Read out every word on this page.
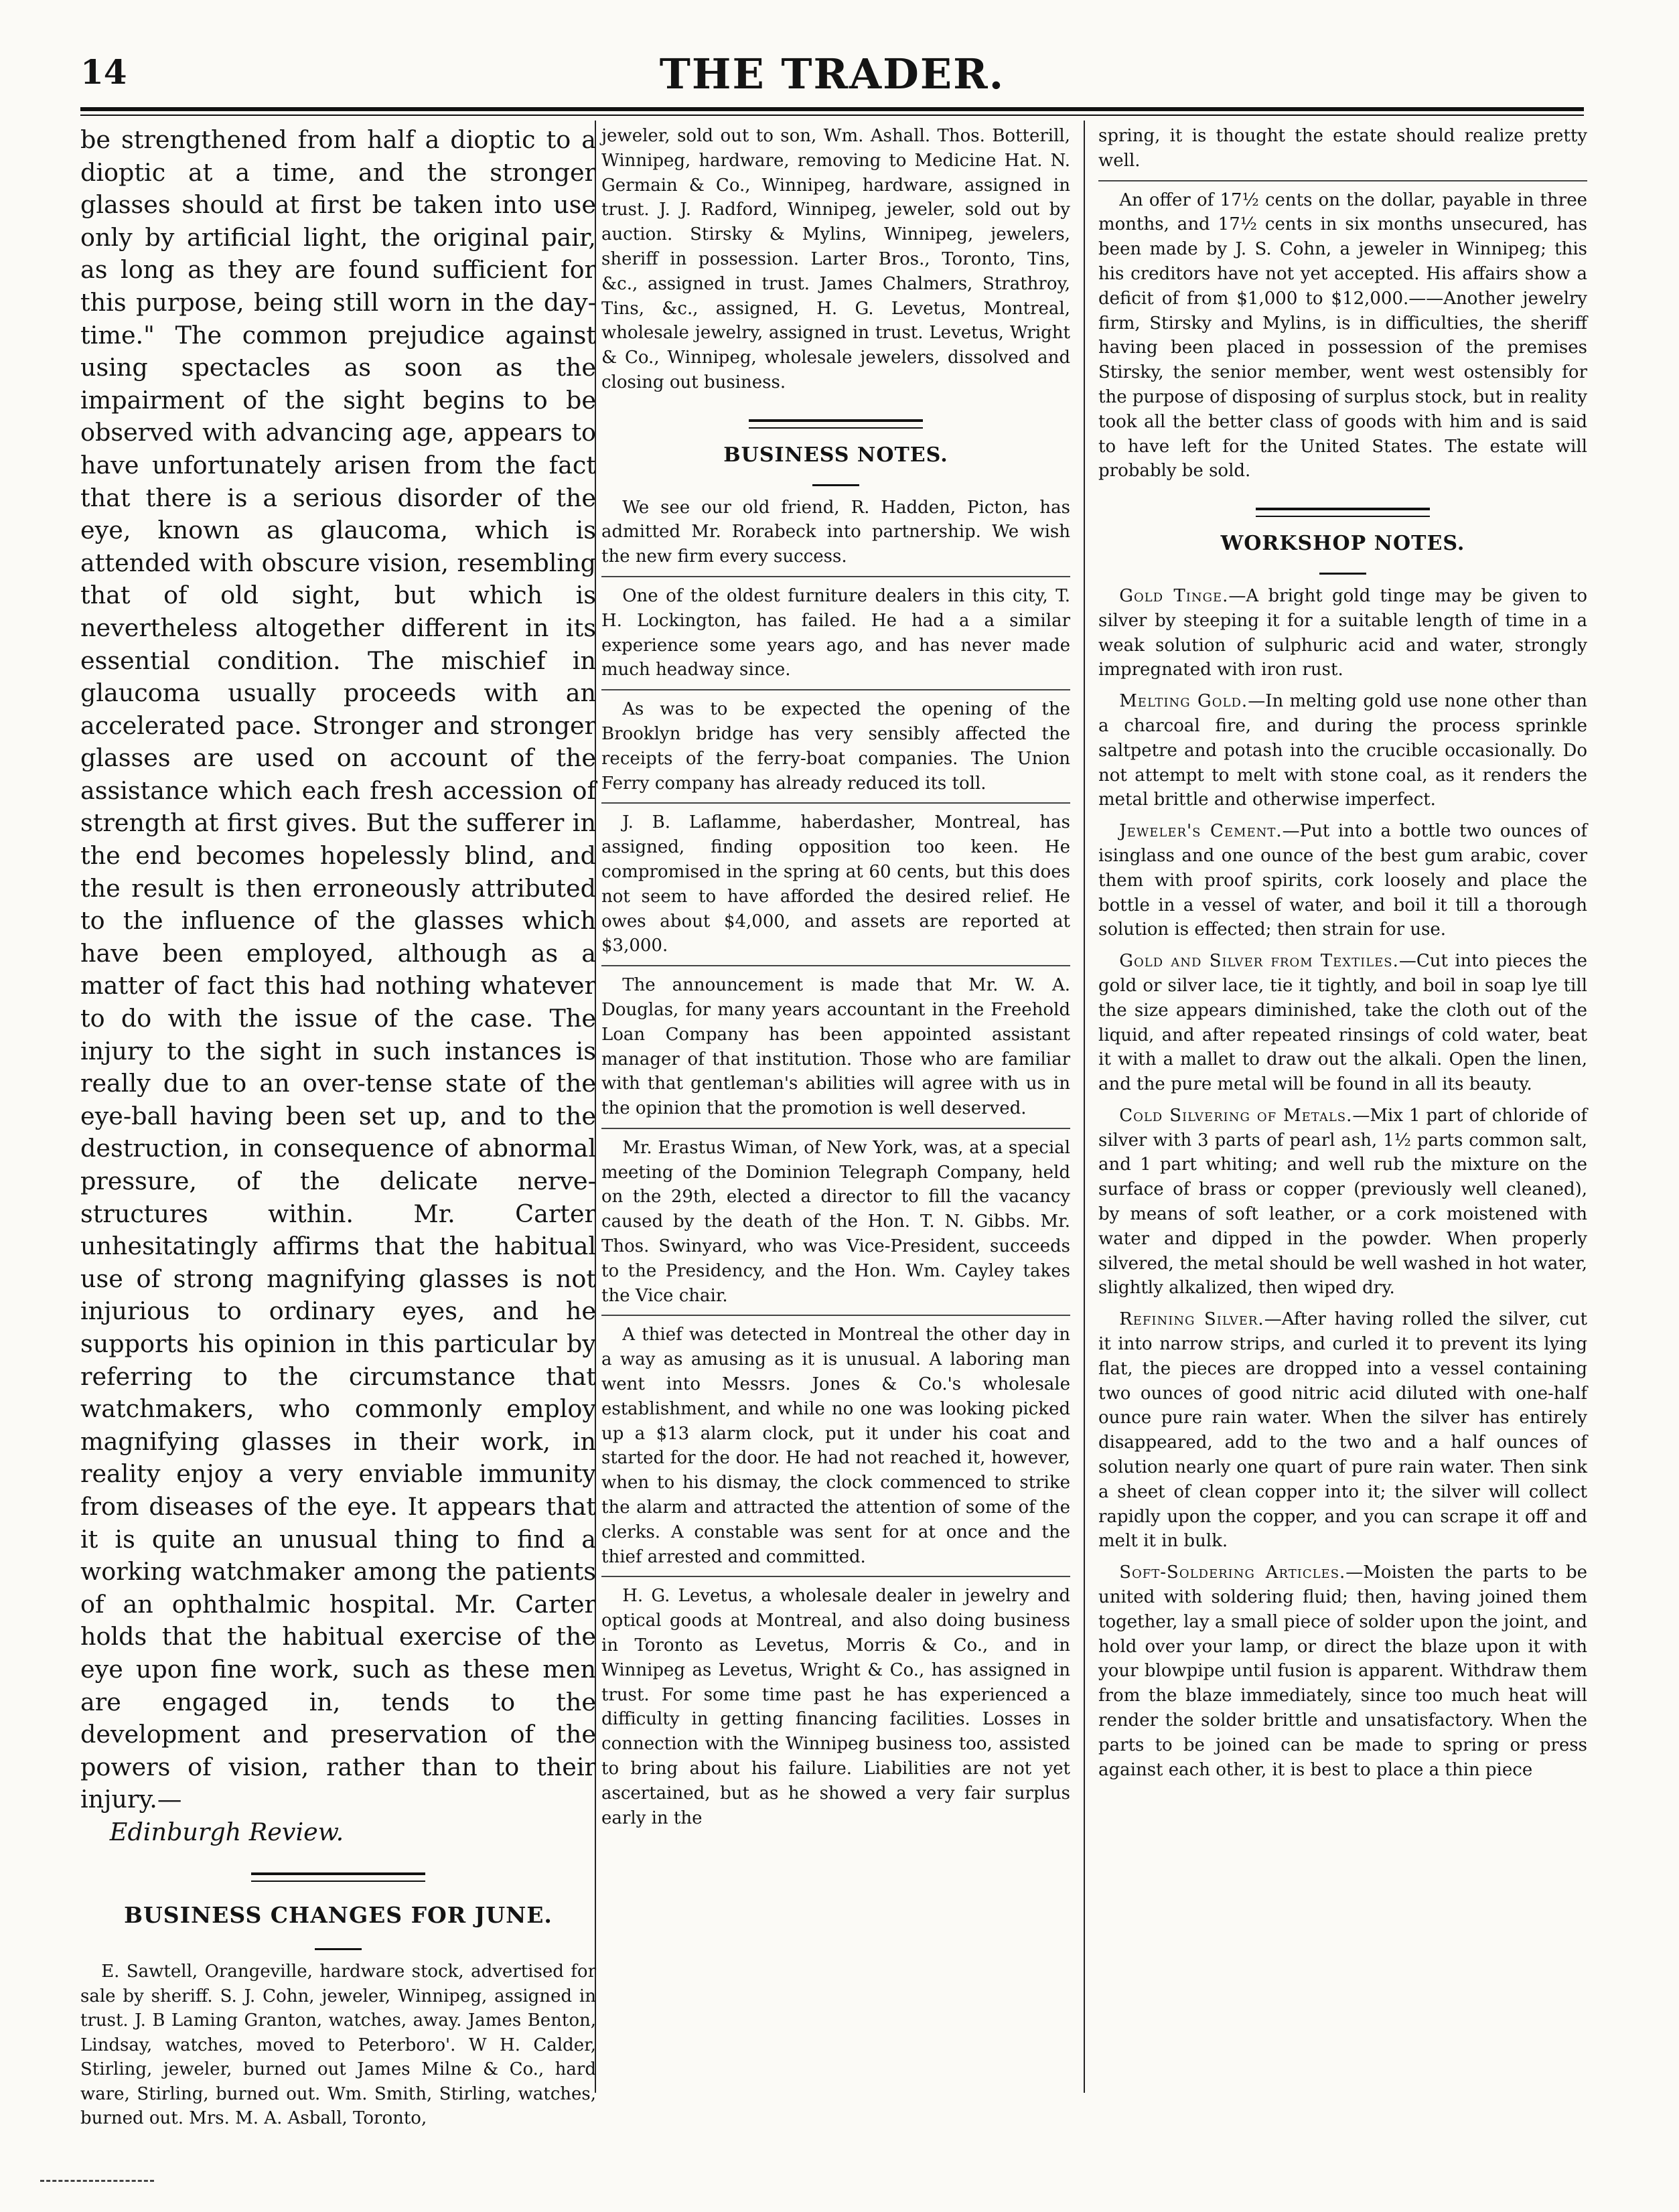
14	THE TRADER.

be strengthened from half a dioptic to a dioptic at a time, and the stronger glasses should at first be taken into use only by artificial light, the original pair, as long as they are found sufficient for this purpose, being still worn in the day-time." The common prejudice against using spectacles as soon as the impairment of the sight begins to be observed with advancing age, appears to have unfortunately arisen from the fact that there is a serious disorder of the eye, known as glaucoma, which is attended with obscure vision, resembling that of old sight, but which is nevertheless altogether different in its essential condition. The mischief in glaucoma usually proceeds with an accelerated pace. Stronger and stronger glasses are used on account of the assistance which each fresh accession of strength at first gives. But the sufferer in the end becomes hopelessly blind, and the result is then erroneously attributed to the influence of the glasses which have been employed, although as a matter of fact this had nothing whatever to do with the issue of the case. The injury to the sight in such instances is really due to an over-tense state of the eye-ball having been set up, and to the destruction, in consequence of abnormal pressure, of the delicate nerve-structures within. Mr. Carter unhesitatingly affirms that the habitual use of strong magnifying glasses is not injurious to ordinary eyes, and he supports his opinion in this particular by referring to the circumstance that watchmakers, who commonly employ magnifying glasses in their work, in reality enjoy a very enviable immunity from diseases of the eye. It appears that it is quite an unusual thing to find a working watchmaker among the patients of an ophthalmic hospital. Mr. Carter holds that the habitual exercise of the eye upon fine work, such as these men are engaged in, tends to the development and preservation of the powers of vision, rather than to their injury.—

Edinburgh Review.

BUSINESS CHANGES FOR JUNE.

E. Sawtell, Orangeville, hardware stock, advertised for sale by sheriff. S. J. Cohn, jeweler, Winnipeg, assigned in trust. J. B Laming Granton, watches, away. James Benton, Lindsay, watches, moved to Peterboro'. W H. Calder, Stirling, jeweler, burned out James Milne & Co., hard ware, Stirling, burned out. Wm. Smith, Stirling, watches, burned out. Mrs. M. A. Asball, Toronto,

jeweler, sold out to son, Wm. Ashall. Thos. Botterill, Winnipeg, hardware, removing to Medicine Hat. N. Germain & Co., Winnipeg, hardware, assigned in trust. J. J. Radford, Winnipeg, jeweler, sold out by auction. Stirsky & Mylins, Winnipeg, jewelers, sheriff in possession. Larter Bros., Toronto, Tins, &c., assigned in trust. James Chalmers, Strathroy, Tins, &c., assigned, H. G. Levetus, Montreal, wholesale jewelry, assigned in trust. Levetus, Wright & Co., Winnipeg, wholesale jewelers, dissolved and closing out business.

BUSINESS NOTES.

We see our old friend, R. Hadden, Picton, has admitted Mr. Rorabeck into partnership. We wish the new firm every success.

One of the oldest furniture dealers in this city, T. H. Lockington, has failed. He had a a similar experience some years ago, and has never made much headway since.

As was to be expected the opening of the Brooklyn bridge has very sensibly affected the receipts of the ferry-boat companies. The Union Ferry company has already reduced its toll.

J. B. Laflamme, haberdasher, Montreal, has assigned, finding opposition too keen. He compromised in the spring at 60 cents, but this does not seem to have afforded the desired relief. He owes about $4,000, and assets are reported at $3,000.

The announcement is made that Mr. W. A. Douglas, for many years accountant in the Freehold Loan Company has been appointed assistant manager of that institution. Those who are familiar with that gentleman's abilities will agree with us in the opinion that the promotion is well deserved.

Mr. Erastus Wiman, of New York, was, at a special meeting of the Dominion Telegraph Company, held on the 29th, elected a director to fill the vacancy caused by the death of the Hon. T. N. Gibbs. Mr. Thos. Swinyard, who was Vice-President, succeeds to the Presidency, and the Hon. Wm. Cayley takes the Vice chair.

A thief was detected in Montreal the other day in a way as amusing as it is unusual. A laboring man went into Messrs. Jones & Co.'s wholesale establishment, and while no one was looking picked up a $13 alarm clock, put it under his coat and started for the door. He had not reached it, however, when to his dismay, the clock commenced to strike the alarm and attracted the attention of some of the clerks. A constable was sent for at once and the thief arrested and committed.

H. G. Levetus, a wholesale dealer in jewelry and optical goods at Montreal, and also doing business in Toronto as Levetus, Morris & Co., and in Winnipeg as Levetus, Wright & Co., has assigned in trust. For some time past he has experienced a difficulty in getting financing facilities. Losses in connection with the Winnipeg business too, assisted to bring about his failure. Liabilities are not yet ascertained, but as he showed a very fair surplus early in the

spring, it is thought the estate should realize pretty well.

An offer of 17½ cents on the dollar, payable in three months, and 17½ cents in six months unsecured, has been made by J. S. Cohn, a jeweler in Winnipeg; this his creditors have not yet accepted. His affairs show a deficit of from $1,000 to $12,000.——Another jewelry firm, Stirsky and Mylins, is in difficulties, the sheriff having been placed in possession of the premises Stirsky, the senior member, went west ostensibly for the purpose of disposing of surplus stock, but in reality took all the better class of goods with him and is said to have left for the United States. The estate will probably be sold.

WORKSHOP NOTES.

Gold Tinge.—A bright gold tinge may be given to silver by steeping it for a suitable length of time in a weak solution of sulphuric acid and water, strongly impregnated with iron rust.

Melting Gold.—In melting gold use none other than a charcoal fire, and during the process sprinkle saltpetre and potash into the crucible occasionally. Do not attempt to melt with stone coal, as it renders the metal brittle and otherwise imperfect.

Jeweler's Cement.—Put into a bottle two ounces of isinglass and one ounce of the best gum arabic, cover them with proof spirits, cork loosely and place the bottle in a vessel of water, and boil it till a thorough solution is effected; then strain for use.

Gold and Silver from Textiles.—Cut into pieces the gold or silver lace, tie it tightly, and boil in soap lye till the size appears diminished, take the cloth out of the liquid, and after repeated rinsings of cold water, beat it with a mallet to draw out the alkali. Open the linen, and the pure metal will be found in all its beauty.

Cold Silvering of Metals.—Mix 1 part of chloride of silver with 3 parts of pearl ash, 1½ parts common salt, and 1 part whiting; and well rub the mixture on the surface of brass or copper (previously well cleaned), by means of soft leather, or a cork moistened with water and dipped in the powder. When properly silvered, the metal should be well washed in hot water, slightly alkalized, then wiped dry.

Refining Silver.—After having rolled the silver, cut it into narrow strips, and curled it to prevent its lying flat, the pieces are dropped into a vessel containing two ounces of good nitric acid diluted with one-half ounce pure rain water. When the silver has entirely disappeared, add to the two and a half ounces of solution nearly one quart of pure rain water. Then sink a sheet of clean copper into it; the silver will collect rapidly upon the copper, and you can scrape it off and melt it in bulk.

Soft-Soldering Articles.—Moisten the parts to be united with soldering fluid; then, having joined them together, lay a small piece of solder upon the joint, and hold over your lamp, or direct the blaze upon it with your blowpipe until fusion is apparent. Withdraw them from the blaze immediately, since too much heat will render the solder brittle and unsatisfactory. When the parts to be joined can be made to spring or press against each other, it is best to place a thin piece
